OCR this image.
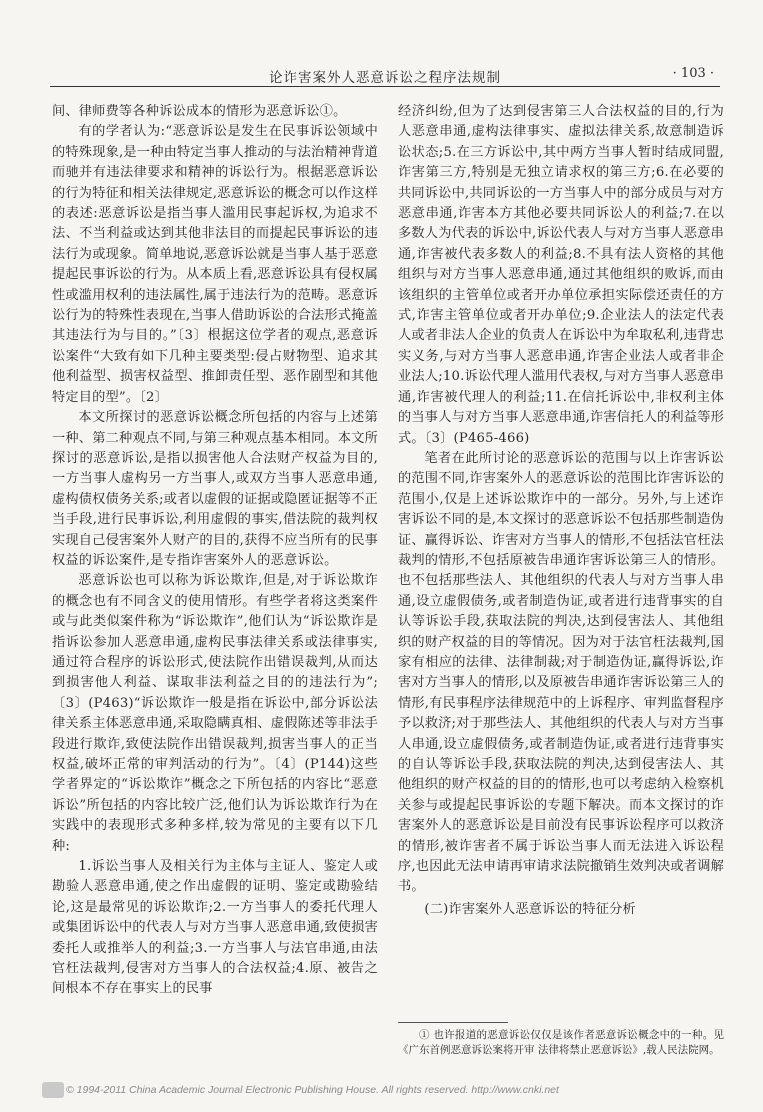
论诈害案外人恶意诉讼之程序法规制	· 103 ·

间、律师费等各种诉讼成本的情形为恶意诉讼①。

有的学者认为:“恶意诉讼是发生在民事诉讼领域中的特殊现象,是一种由特定当事人推动的与法治精神背道而驰并有违法律要求和精神的诉讼行为。根据恶意诉讼的行为特征和相关法律规定,恶意诉讼的概念可以作这样的表述:恶意诉讼是指当事人滥用民事起诉权,为追求不法、不当利益或达到其他非法目的而提起民事诉讼的违法行为或现象。简单地说,恶意诉讼就是当事人基于恶意提起民事诉讼的行为。从本质上看,恶意诉讼具有侵权属性或滥用权利的违法属性,属于违法行为的范畴。恶意诉讼行为的特殊性表现在,当事人借助诉讼的合法形式掩盖其违法行为与目的。”〔3〕根据这位学者的观点,恶意诉讼案件“大致有如下几种主要类型:侵占财物型、追求其他利益型、损害权益型、推卸责任型、恶作剧型和其他特定目的型”。〔2〕

本文所探讨的恶意诉讼概念所包括的内容与上述第一种、第二种观点不同,与第三种观点基本相同。本文所探讨的恶意诉讼,是指以损害他人合法财产权益为目的,一方当事人虚构另一方当事人,或双方当事人恶意串通,虚构债权债务关系;或者以虚假的证据或隐匿证据等不正当手段,进行民事诉讼,利用虚假的事实,借法院的裁判权实现自己侵害案外人财产的目的,获得不应当所有的民事权益的诉讼案件,是专指诈害案外人的恶意诉讼。

恶意诉讼也可以称为诉讼欺诈,但是,对于诉讼欺诈的概念也有不同含义的使用情形。有些学者将这类案件或与此类似案件称为“诉讼欺诈”,他们认为“诉讼欺诈是指诉讼参加人恶意串通,虚构民事法律关系或法律事实,通过符合程序的诉讼形式,使法院作出错误裁判,从而达到损害他人利益、谋取非法利益之目的的违法行为”;〔3〕(P463)“诉讼欺诈一般是指在诉讼中,部分诉讼法律关系主体恶意串通,采取隐瞒真相、虚假陈述等非法手段进行欺诈,致使法院作出错误裁判,损害当事人的正当权益,破坏正常的审判活动的行为”。〔4〕(P144)这些学者界定的“诉讼欺诈”概念之下所包括的内容比“恶意诉讼”所包括的内容比较广泛,他们认为诉讼欺诈行为在实践中的表现形式多种多样,较为常见的主要有以下几种:

1.诉讼当事人及相关行为主体与主证人、鉴定人或勘验人恶意串通,使之作出虚假的证明、鉴定或勘验结论,这是最常见的诉讼欺诈;2.一方当事人的委托代理人或集团诉讼中的代表人与对方当事人恶意串通,致使损害委托人或推举人的利益;3.一方当事人与法官串通,由法官枉法裁判,侵害对方当事人的合法权益;4.原、被告之间根本不存在事实上的民事

经济纠纷,但为了达到侵害第三人合法权益的目的,行为人恶意串通,虚构法律事实、虚拟法律关系,故意制造诉讼状态;5.在三方诉讼中,其中两方当事人暂时结成同盟,诈害第三方,特别是无独立请求权的第三方;6.在必要的共同诉讼中,共同诉讼的一方当事人中的部分成员与对方恶意串通,诈害本方其他必要共同诉讼人的利益;7.在以多数人为代表的诉讼中,诉讼代表人与对方当事人恶意串通,诈害被代表多数人的利益;8.不具有法人资格的其他组织与对方当事人恶意串通,通过其他组织的败诉,而由该组织的主管单位或者开办单位承担实际偿还责任的方式,诈害主管单位或者开办单位;9.企业法人的法定代表人或者非法人企业的负责人在诉讼中为牟取私利,违背忠实义务,与对方当事人恶意串通,诈害企业法人或者非企业法人;10.诉讼代理人滥用代表权,与对方当事人恶意串通,诈害被代理人的利益;11.在信托诉讼中,非权利主体的当事人与对方当事人恶意串通,诈害信托人的利益等形式。〔3〕(P465-466)

笔者在此所讨论的恶意诉讼的范围与以上诈害诉讼的范围不同,诈害案外人的恶意诉讼的范围比诈害诉讼的范围小,仅是上述诉讼欺诈中的一部分。另外,与上述诈害诉讼不同的是,本文探讨的恶意诉讼不包括那些制造伪证、赢得诉讼、诈害对方当事人的情形,不包括法官枉法裁判的情形,不包括原被告串通诈害诉讼第三人的情形。也不包括那些法人、其他组织的代表人与对方当事人串通,设立虚假债务,或者制造伪证,或者进行违背事实的自认等诉讼手段,获取法院的判决,达到侵害法人、其他组织的财产权益的目的等情况。因为对于法官枉法裁判,国家有相应的法律、法律制裁;对于制造伪证,赢得诉讼,诈害对方当事人的情形,以及原被告串通诈害诉讼第三人的情形,有民事程序法律规范中的上诉程序、审判监督程序予以救济;对于那些法人、其他组织的代表人与对方当事人串通,设立虚假债务,或者制造伪证,或者进行违背事实的自认等诉讼手段,获取法院的判决,达到侵害法人、其他组织的财产权益的目的的情形,也可以考虑纳入检察机关参与或提起民事诉讼的专题下解决。而本文探讨的诈害案外人的恶意诉讼是目前没有民事诉讼程序可以救济的情形,被诈害者不属于诉讼当事人而无法进入诉讼程序,也因此无法申请再审请求法院撤销生效判决或者调解书。

(二)诈害案外人恶意诉讼的特征分析

① 也许报道的恶意诉讼仅仅是该作者恶意诉讼概念中的一种。见《广东首例恶意诉讼案将开审 法律将禁止恶意诉讼》,载人民法院网。
© 1994-2011 China Academic Journal Electronic Publishing House. All rights reserved. http://www.cnki.net
